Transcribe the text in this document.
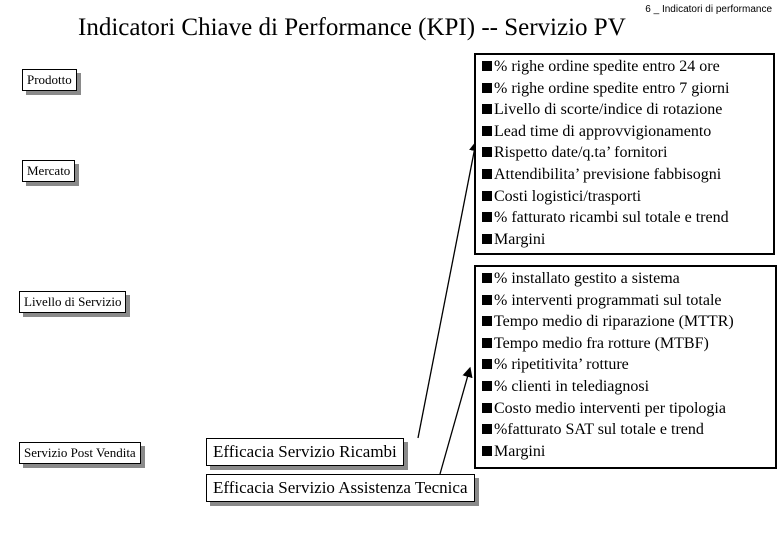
6 _ Indicatori di performance
Indicatori Chiave di Performance (KPI) -- Servizio PV
Prodotto
Mercato
Livello di Servizio
Servizio Post Vendita	Efficacia Servizio Ricambi
Efficacia Servizio Assistenza Tecnica
% righe ordine spedite entro 24 ore
% righe ordine spedite entro 7 giorni
Livello di scorte/indice di rotazione
Lead time di approvvigionamento
Rispetto date/q.ta’ fornitori
Attendibilita’ previsione fabbisogni
Costi logistici/trasporti
% fatturato ricambi sul totale e trend
Margini
% installato gestito a sistema
% interventi programmati sul totale
Tempo medio di riparazione (MTTR)
Tempo medio fra rotture (MTBF)
% ripetitivita’ rotture
% clienti in telediagnosi
Costo medio interventi per tipologia
%fatturato SAT sul totale e trend
Margini
